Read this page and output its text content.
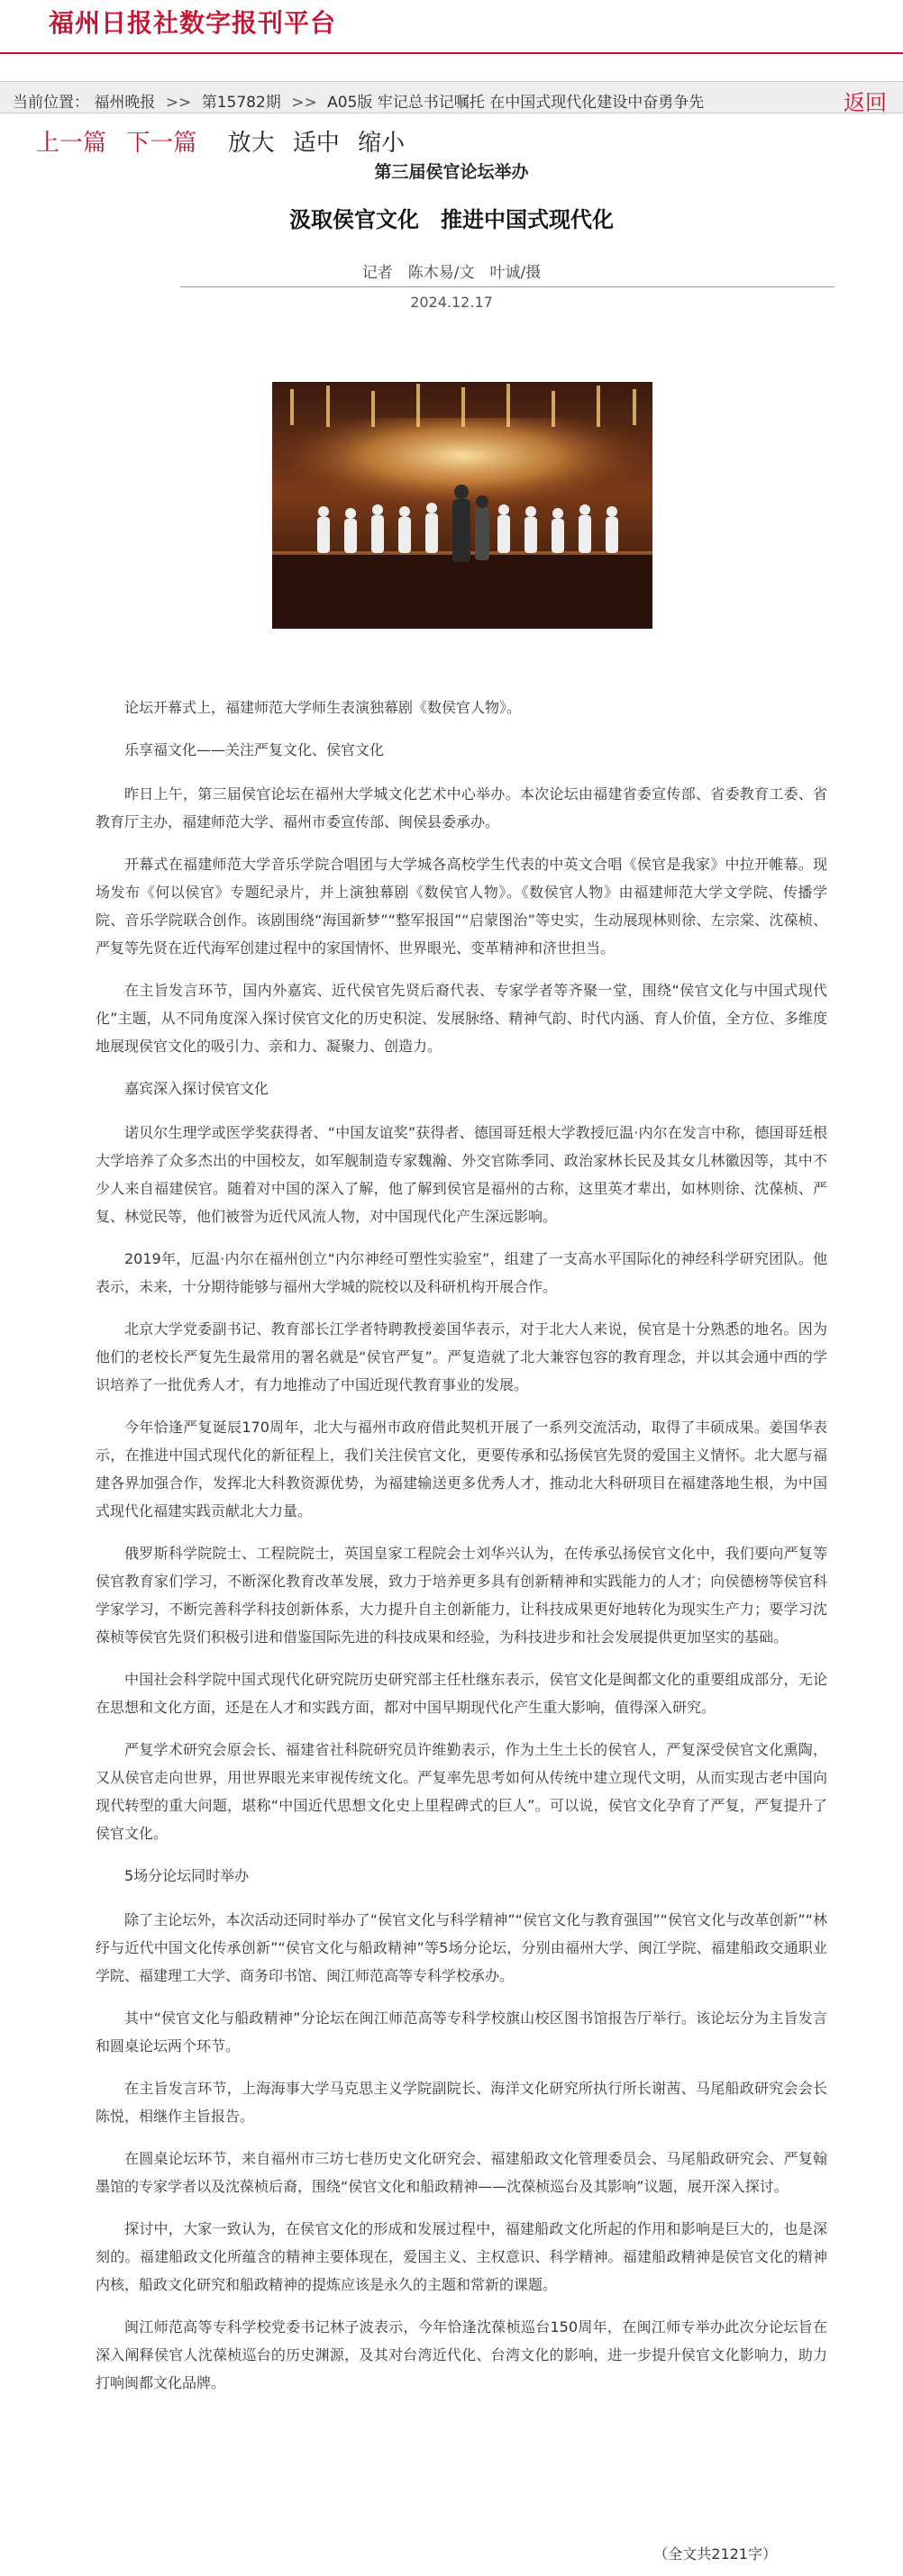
福州日报社数字报刊平台
当前位置： 福州晚报 >> 第15782期 >> A05版 牢记总书记嘱托 在中国式现代化建设中奋勇争先	返回
上一篇 下一篇 放大 适中 缩小
第三届侯官论坛举办
汲取侯官文化　推进中国式现代化
记者　陈木易/文　叶诚/摄
2024.12.17

论坛开幕式上，福建师范大学师生表演独幕剧《数侯官人物》。

乐享福文化——关注严复文化、侯官文化

昨日上午，第三届侯官论坛在福州大学城文化艺术中心举办。本次论坛由福建省委宣传部、省委教育工委、省教育厅主办，福建师范大学、福州市委宣传部、闽侯县委承办。

开幕式在福建师范大学音乐学院合唱团与大学城各高校学生代表的中英文合唱《侯官是我家》中拉开帷幕。现场发布《何以侯官》专题纪录片，并上演独幕剧《数侯官人物》。《数侯官人物》由福建师范大学文学院、传播学院、音乐学院联合创作。该剧围绕“海国新梦”“整军报国”“启蒙图治”等史实，生动展现林则徐、左宗棠、沈葆桢、严复等先贤在近代海军创建过程中的家国情怀、世界眼光、变革精神和济世担当。

在主旨发言环节，国内外嘉宾、近代侯官先贤后裔代表、专家学者等齐聚一堂，围绕“侯官文化与中国式现代化”主题，从不同角度深入探讨侯官文化的历史积淀、发展脉络、精神气韵、时代内涵、育人价值，全方位、多维度地展现侯官文化的吸引力、亲和力、凝聚力、创造力。

嘉宾深入探讨侯官文化

诺贝尔生理学或医学奖获得者、“中国友谊奖”获得者、德国哥廷根大学教授厄温·内尔在发言中称，德国哥廷根大学培养了众多杰出的中国校友，如军舰制造专家魏瀚、外交官陈季同、政治家林长民及其女儿林徽因等，其中不少人来自福建侯官。随着对中国的深入了解，他了解到侯官是福州的古称，这里英才辈出，如林则徐、沈葆桢、严复、林觉民等，他们被誉为近代风流人物，对中国现代化产生深远影响。

2019年，厄温·内尔在福州创立“内尔神经可塑性实验室”，组建了一支高水平国际化的神经科学研究团队。他表示，未来，十分期待能够与福州大学城的院校以及科研机构开展合作。

北京大学党委副书记、教育部长江学者特聘教授姜国华表示，对于北大人来说，侯官是十分熟悉的地名。因为他们的老校长严复先生最常用的署名就是“侯官严复”。严复造就了北大兼容包容的教育理念，并以其会通中西的学识培养了一批优秀人才，有力地推动了中国近现代教育事业的发展。

今年恰逢严复诞辰170周年，北大与福州市政府借此契机开展了一系列交流活动，取得了丰硕成果。姜国华表示，在推进中国式现代化的新征程上，我们关注侯官文化，更要传承和弘扬侯官先贤的爱国主义情怀。北大愿与福建各界加强合作，发挥北大科教资源优势，为福建输送更多优秀人才，推动北大科研项目在福建落地生根，为中国式现代化福建实践贡献北大力量。

俄罗斯科学院院士、工程院院士，英国皇家工程院会士刘华兴认为，在传承弘扬侯官文化中，我们要向严复等侯官教育家们学习，不断深化教育改革发展，致力于培养更多具有创新精神和实践能力的人才；向侯德榜等侯官科学家学习，不断完善科学科技创新体系，大力提升自主创新能力，让科技成果更好地转化为现实生产力；要学习沈葆桢等侯官先贤们积极引进和借鉴国际先进的科技成果和经验，为科技进步和社会发展提供更加坚实的基础。

中国社会科学院中国式现代化研究院历史研究部主任杜继东表示，侯官文化是闽都文化的重要组成部分，无论在思想和文化方面，还是在人才和实践方面，都对中国早期现代化产生重大影响，值得深入研究。

严复学术研究会原会长、福建省社科院研究员许维勤表示，作为土生土长的侯官人，严复深受侯官文化熏陶，又从侯官走向世界，用世界眼光来审视传统文化。严复率先思考如何从传统中建立现代文明，从而实现古老中国向现代转型的重大问题，堪称“中国近代思想文化史上里程碑式的巨人”。可以说，侯官文化孕育了严复，严复提升了侯官文化。

5场分论坛同时举办

除了主论坛外，本次活动还同时举办了“侯官文化与科学精神”“侯官文化与教育强国”“侯官文化与改革创新”“林纾与近代中国文化传承创新”“侯官文化与船政精神”等5场分论坛，分别由福州大学、闽江学院、福建船政交通职业学院、福建理工大学、商务印书馆、闽江师范高等专科学校承办。

其中“侯官文化与船政精神”分论坛在闽江师范高等专科学校旗山校区图书馆报告厅举行。该论坛分为主旨发言和圆桌论坛两个环节。

在主旨发言环节，上海海事大学马克思主义学院副院长、海洋文化研究所执行所长谢茜、马尾船政研究会会长陈悦，相继作主旨报告。

在圆桌论坛环节，来自福州市三坊七巷历史文化研究会、福建船政文化管理委员会、马尾船政研究会、严复翰墨馆的专家学者以及沈葆桢后裔，围绕“侯官文化和船政精神——沈葆桢巡台及其影响”议题，展开深入探讨。

探讨中，大家一致认为，在侯官文化的形成和发展过程中，福建船政文化所起的作用和影响是巨大的，也是深刻的。福建船政文化所蕴含的精神主要体现在，爱国主义、主权意识、科学精神。福建船政精神是侯官文化的精神内核，船政文化研究和船政精神的提炼应该是永久的主题和常新的课题。

闽江师范高等专科学校党委书记林子波表示，今年恰逢沈葆桢巡台150周年，在闽江师专举办此次分论坛旨在深入阐释侯官人沈葆桢巡台的历史渊源，及其对台湾近代化、台湾文化的影响，进一步提升侯官文化影响力，助力打响闽都文化品牌。

（全文共2121字）
